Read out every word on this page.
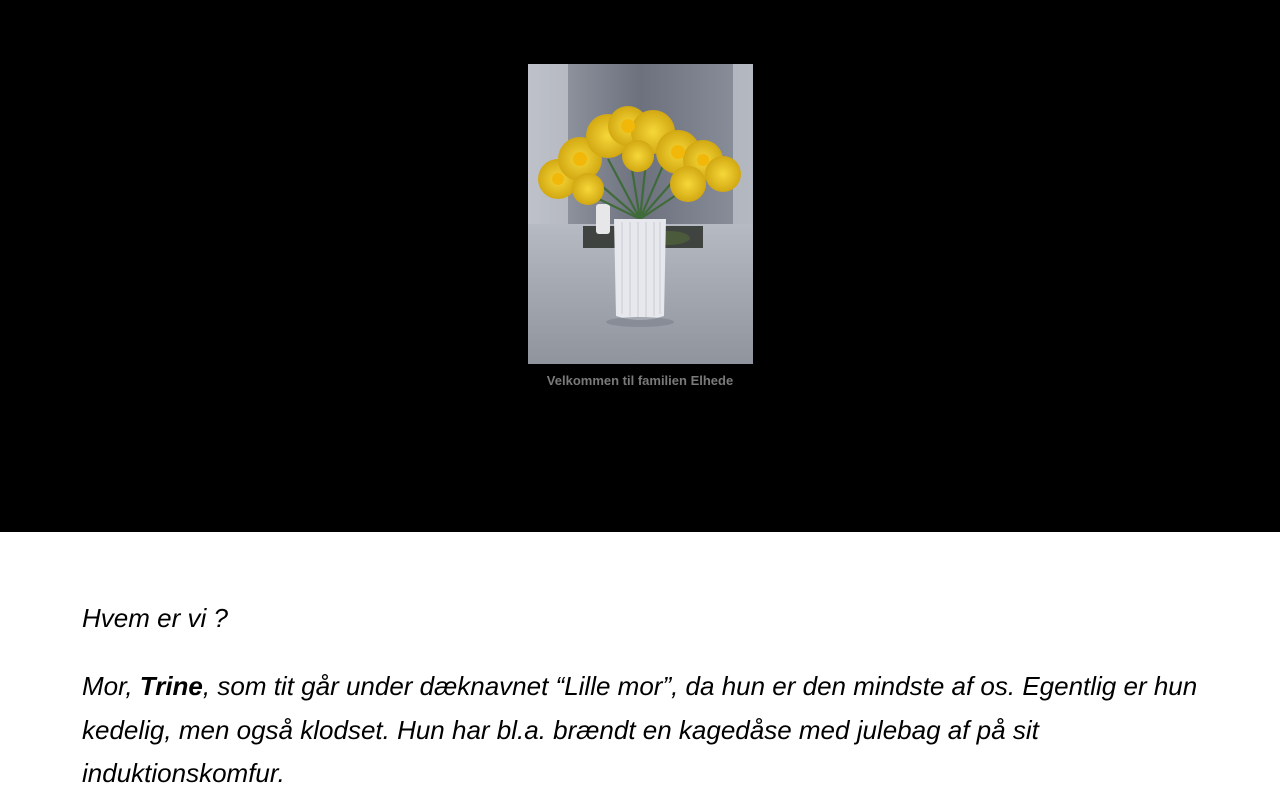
Velkommen til familien Elhede
Hvem er vi ?

Mor, Trine, som tit går under dæknavnet “Lille mor”, da hun er den mindste af os. Egentlig er hun kedelig, men også klodset. Hun har bl.a. brændt en kagedåse med julebag af på sit induktionskomfur.
